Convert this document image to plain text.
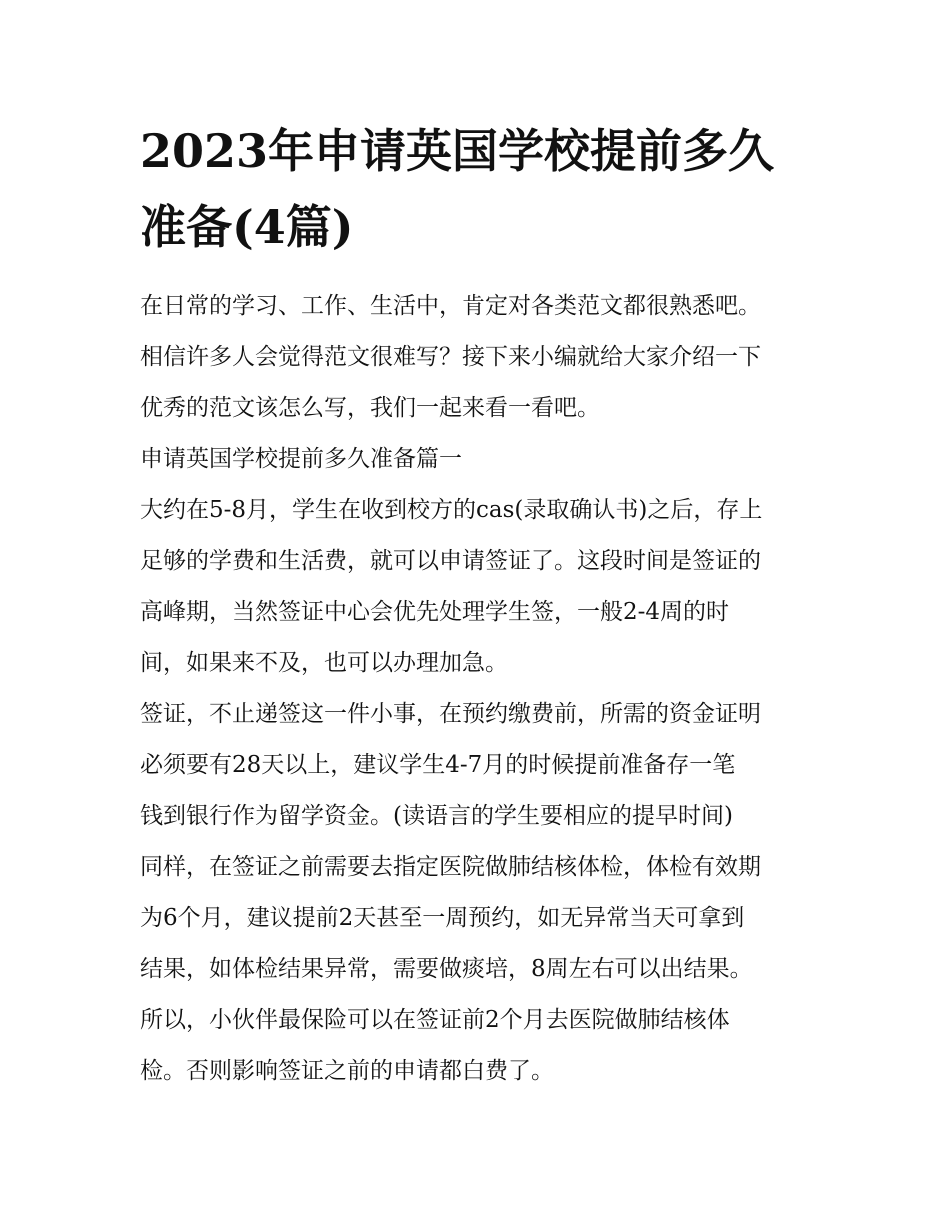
2023年申请英国学校提前多久
准备(4篇)

在日常的学习、工作、生活中，肯定对各类范文都很熟悉吧。
相信许多人会觉得范文很难写？接下来小编就给大家介绍一下
优秀的范文该怎么写，我们一起来看一看吧。

申请英国学校提前多久准备篇一

大约在5-8月，学生在收到校方的cas(录取确认书)之后，存上
足够的学费和生活费，就可以申请签证了。这段时间是签证的
高峰期，当然签证中心会优先处理学生签，一般2-4周的时
间，如果来不及，也可以办理加急。

签证，不止递签这一件小事，在预约缴费前，所需的资金证明
必须要有28天以上，建议学生4-7月的时候提前准备存一笔
钱到银行作为留学资金。(读语言的学生要相应的提早时间)

同样，在签证之前需要去指定医院做肺结核体检，体检有效期
为6个月，建议提前2天甚至一周预约，如无异常当天可拿到
结果，如体检结果异常，需要做痰培，8周左右可以出结果。

所以，小伙伴最保险可以在签证前2个月去医院做肺结核体
检。否则影响签证之前的申请都白费了。
